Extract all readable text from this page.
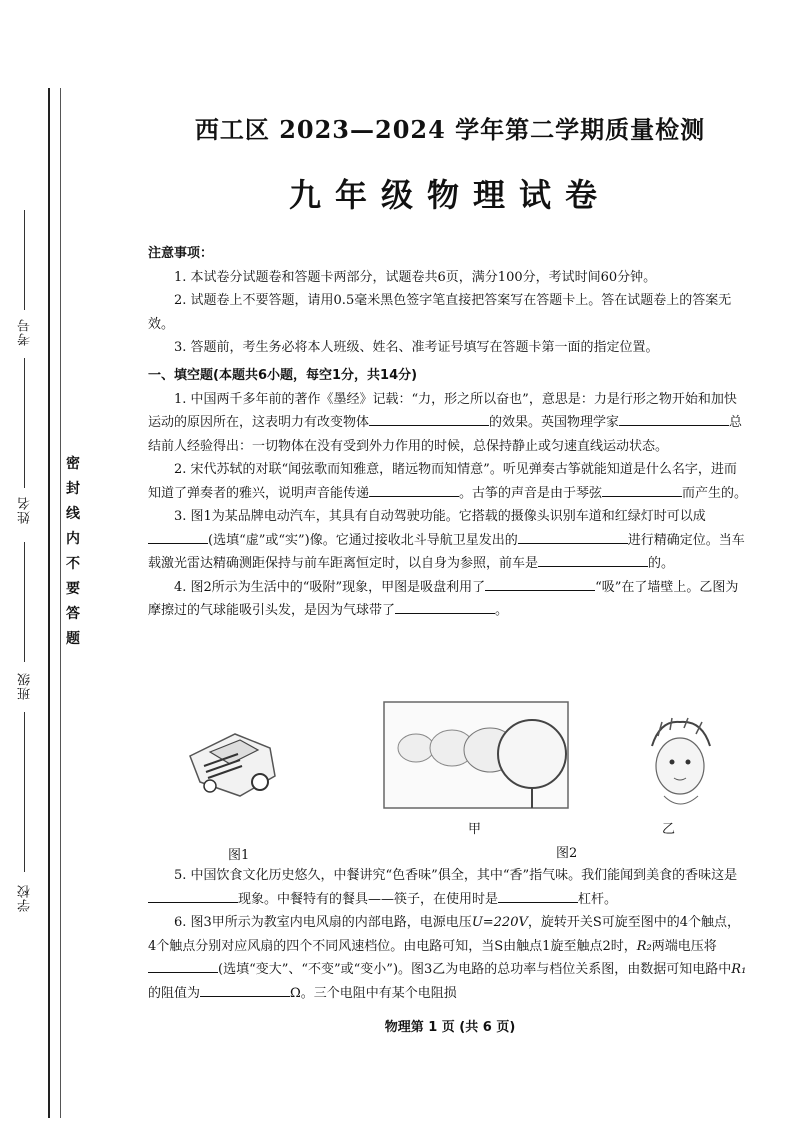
考号
姓名
班级
学校
密
封
线
内
不
要
答
题
西工区 2023—2024 学年第二学期质量检测
九年级物理试卷

注意事项：

1. 本试卷分试题卷和答题卡两部分，试题卷共6页，满分100分，考试时间60分钟。

2. 试题卷上不要答题，请用0.5毫米黑色签字笔直接把答案写在答题卡上。答在试题卷上的答案无效。

3. 答题前，考生务必将本人班级、姓名、准考证号填写在答题卡第一面的指定位置。

一、填空题(本题共6小题，每空1分，共14分)

1. 中国两千多年前的著作《墨经》记载：“力，形之所以奋也”，意思是：力是行形之物开始和加快运动的原因所在，这表明力有改变物体	的效果。英国物理学家	总结前人经验得出：一切物体在没有受到外力作用的时候，总保持静止或匀速直线运动状态。

2. 宋代苏轼的对联“闻弦歌而知雅意，睹远物而知情意”。听见弹奏古筝就能知道是什么名字，进而知道了弹奏者的雅兴，说明声音能传递	。古筝的声音是由于琴弦	而产生的。

3. 图1为某品牌电动汽车，其具有自动驾驶功能。它搭载的摄像头识别车道和红绿灯时可以成(选填“虚”或“实”)像。它通过接收北斗导航卫星发出的	进行精确定位。当车载激光雷达精确测距保持与前车距离恒定时，以自身为参照，前车是	的。

4. 图2所示为生活中的“吸附”现象，甲图是吸盘利用了	“吸”在了墙壁上。乙图为摩擦过的气球能吸引头发，是因为气球带了	。

图1
甲
图2
乙

5. 中国饮食文化历史悠久，中餐讲究“色香味”俱全，其中“香”指气味。我们能闻到美食的香味这是现象。中餐特有的餐具——筷子，在使用时是	杠杆。

6. 图3甲所示为教室内电风扇的内部电路，电源电压U=220V，旋转开关S可旋至图中的4个触点，4个触点分别对应风扇的四个不同风速档位。由电路可知，当S由触点1旋至触点2时，R₂两端电压将(选填“变大”、“不变”或“变小”)。图3乙为电路的总功率与档位关系图，由数据可知电路中R₁的阻值为	Ω。三个电阻中有某个电阻损

物理第 1 页 (共 6 页)
